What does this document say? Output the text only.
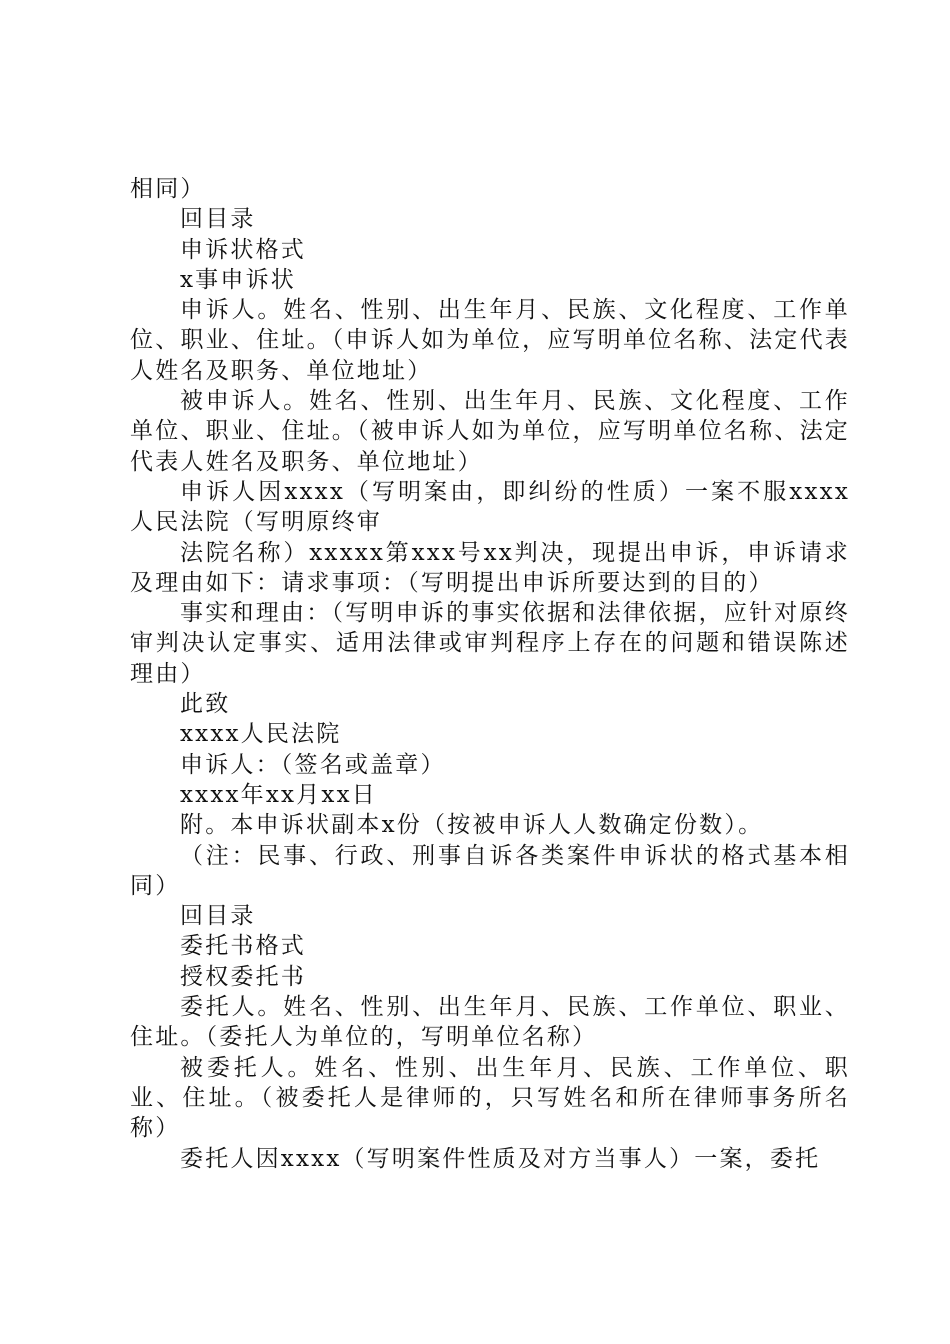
相同）

回目录

申诉状格式

x事申诉状

申诉人。姓名、性别、出生年月、民族、文化程度、工作单位、职业、住址。（申诉人如为单位，应写明单位名称、法定代表人姓名及职务、单位地址）

被申诉人。姓名、性别、出生年月、民族、文化程度、工作单位、职业、住址。（被申诉人如为单位，应写明单位名称、法定代表人姓名及职务、单位地址）

申诉人因xxxx（写明案由，即纠纷的性质）一案不服xxxx人民法院（写明原终审

法院名称）xxxxx第xxx号xx判决，现提出申诉，申诉请求及理由如下：请求事项：（写明提出申诉所要达到的目的）

事实和理由：（写明申诉的事实依据和法律依据，应针对原终审判决认定事实、适用法律或审判程序上存在的问题和错误陈述理由）

此致

xxxx人民法院

申诉人：（签名或盖章）

xxxx年xx月xx日

附。本申诉状副本x份（按被申诉人人数确定份数）。

（注：民事、行政、刑事自诉各类案件申诉状的格式基本相同）

回目录

委托书格式

授权委托书

委托人。姓名、性别、出生年月、民族、工作单位、职业、住址。（委托人为单位的，写明单位名称）

被委托人。姓名、性别、出生年月、民族、工作单位、职业、住址。（被委托人是律师的，只写姓名和所在律师事务所名称）

委托人因xxxx（写明案件性质及对方当事人）一案，委托
